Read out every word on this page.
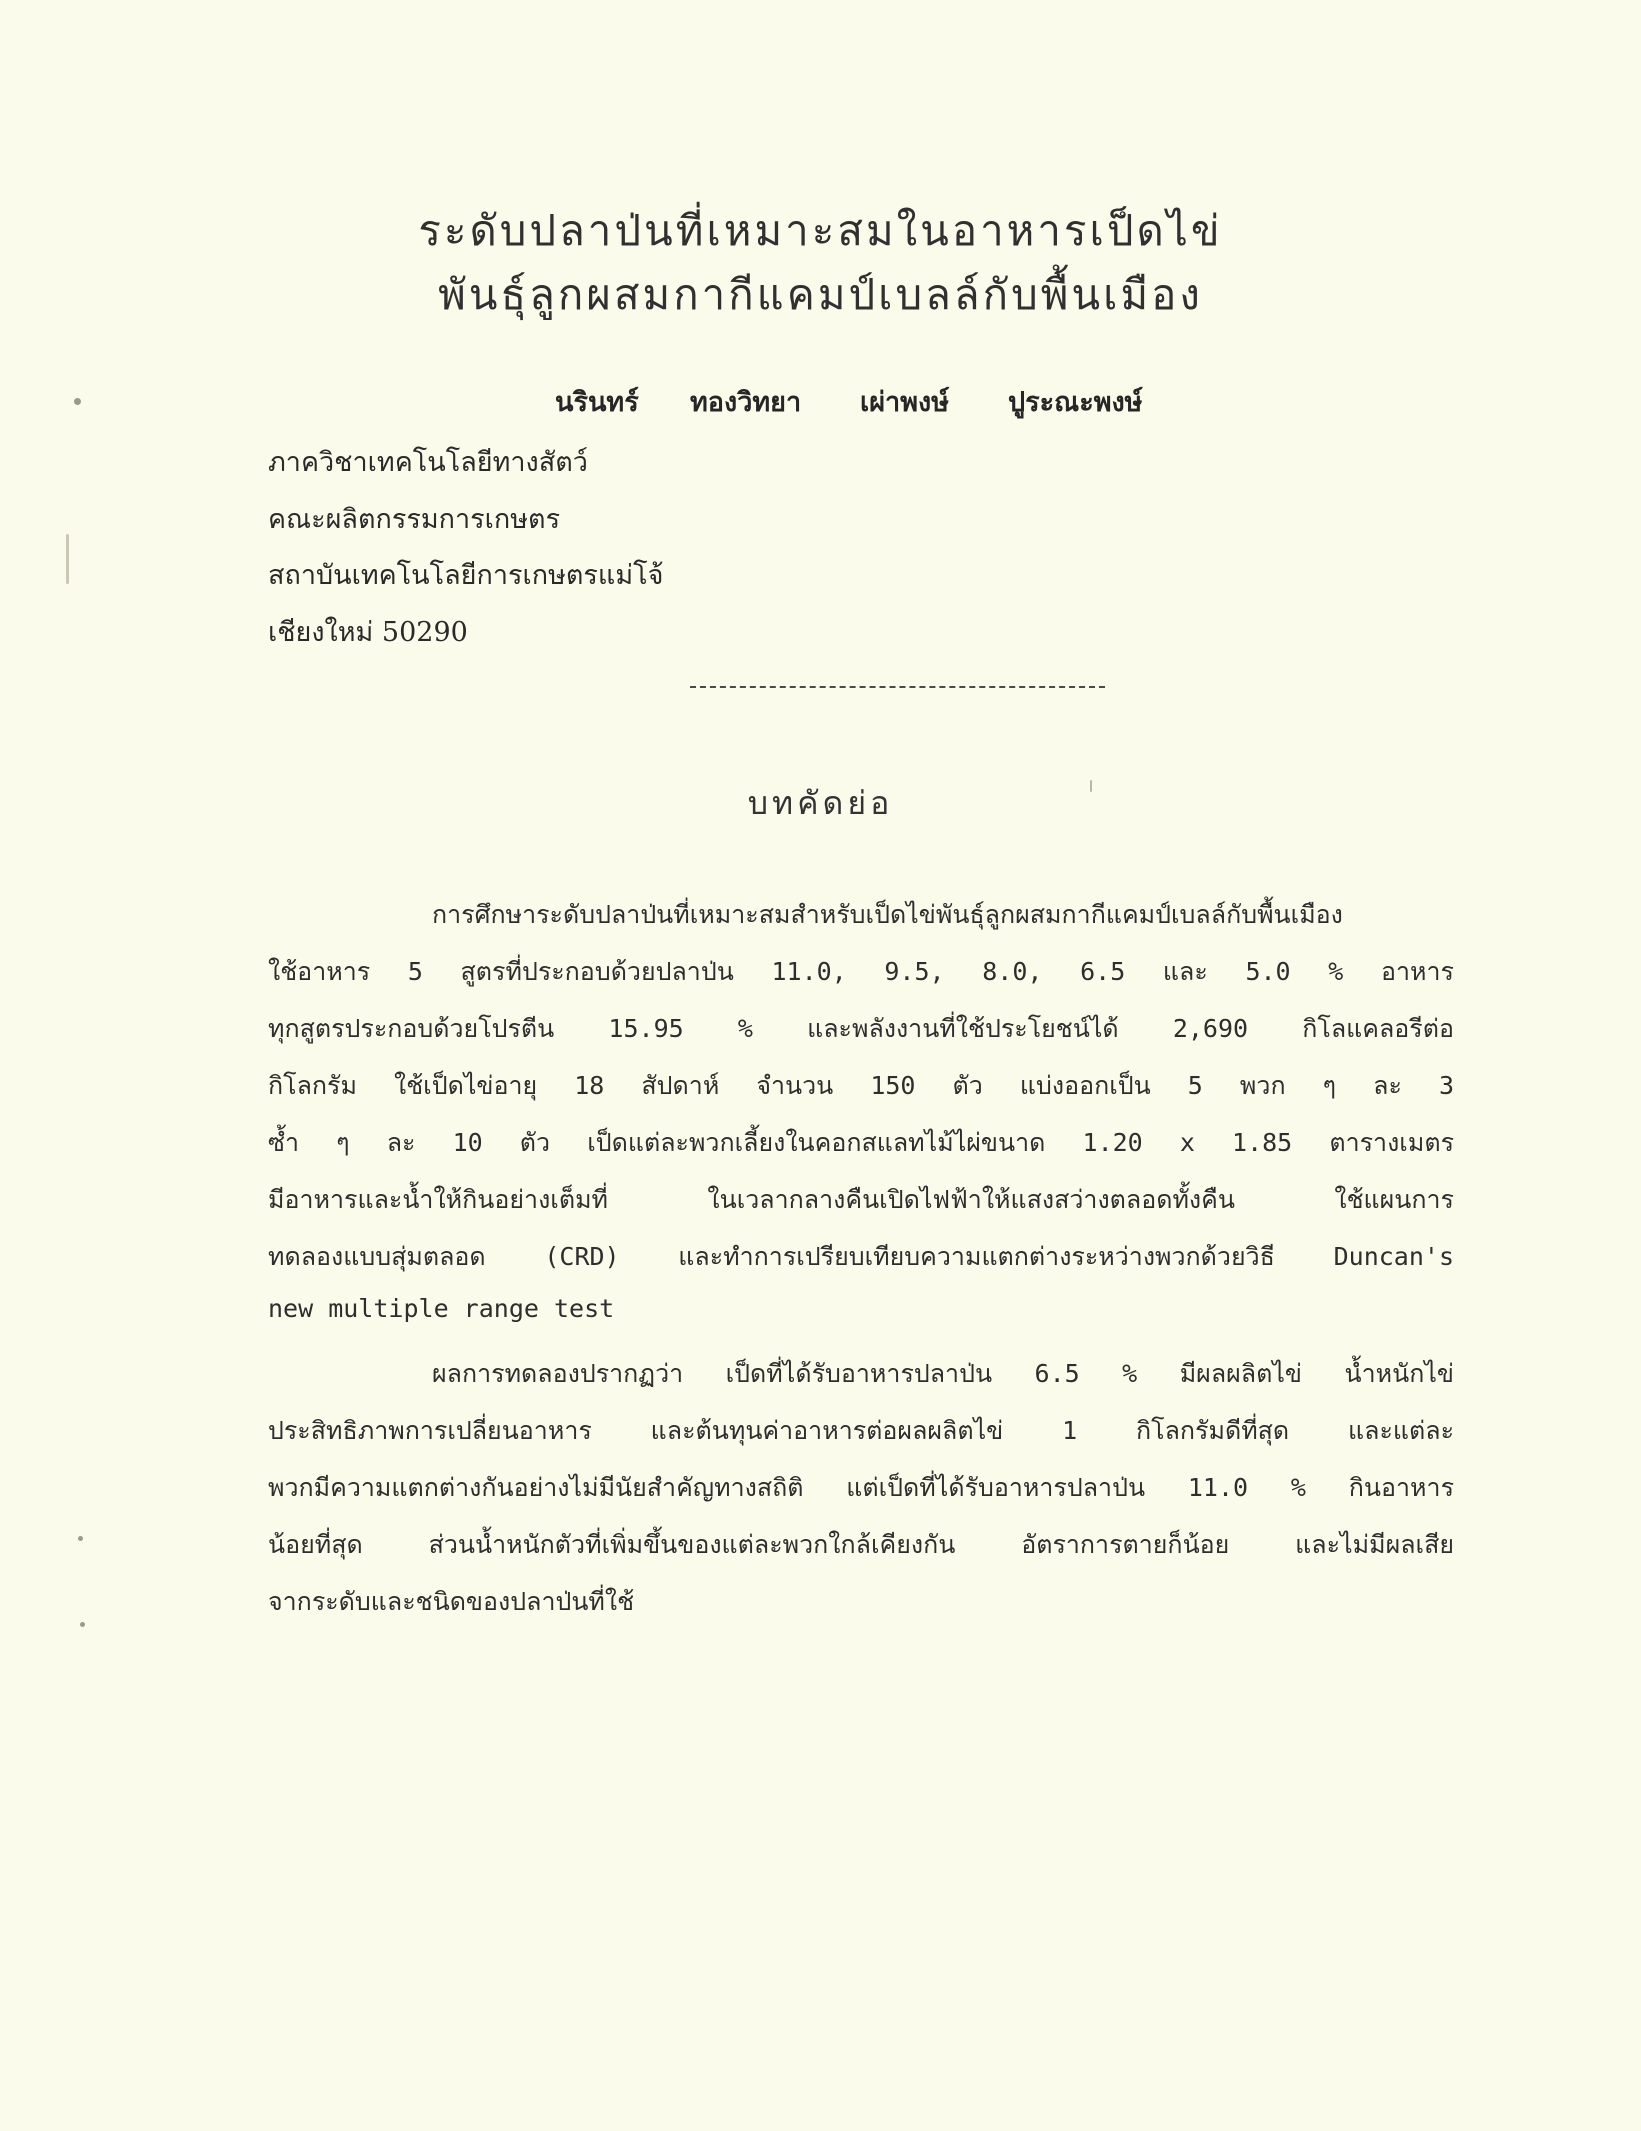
ระดับปลาป่นที่เหมาะสมในอาหารเป็ดไข่
พันธุ์ลูกผสมกากีแคมป์เบลล์กับพื้นเมือง
นรินทร์ ทองวิทยา เผ่าพงษ์ ปูระณะพงษ์
ภาควิชาเทคโนโลยีทางสัตว์
คณะผลิตกรรมการเกษตร
สถาบันเทคโนโลยีการเกษตรแม่โจ้
เชียงใหม่ 50290
บทคัดย่อ
การศึกษาระดับปลาป่นที่เหมาะสมสำหรับเป็ดไข่พันธุ์ลูกผสมกากีแคมป์เบลล์กับพื้นเมือง
ใช้อาหาร 5 สูตรที่ประกอบด้วยปลาป่น 11.0, 9.5, 8.0, 6.5 และ 5.0 % อาหาร
ทุกสูตรประกอบด้วยโปรตีน 15.95 % และพลังงานที่ใช้ประโยชน์ได้ 2,690 กิโลแคลอรีต่อ
กิโลกรัม ใช้เป็ดไข่อายุ 18 สัปดาห์ จำนวน 150 ตัว แบ่งออกเป็น 5 พวก ๆ ละ 3
ซ้ำ ๆ ละ 10 ตัว เป็ดแต่ละพวกเลี้ยงในคอกสแลทไม้ไผ่ขนาด 1.20 x 1.85 ตารางเมตร
มีอาหารและน้ำให้กินอย่างเต็มที่ ในเวลากลางคืนเปิดไฟฟ้าให้แสงสว่างตลอดทั้งคืน ใช้แผนการ
ทดลองแบบสุ่มตลอด (CRD) และทำการเปรียบเทียบความแตกต่างระหว่างพวกด้วยวิธี Duncan's
new multiple range test
ผลการทดลองปรากฏว่า เป็ดที่ได้รับอาหารปลาป่น 6.5 % มีผลผลิตไข่ น้ำหนักไข่
ประสิทธิภาพการเปลี่ยนอาหาร และต้นทุนค่าอาหารต่อผลผลิตไข่ 1 กิโลกรัมดีที่สุด และแต่ละ
พวกมีความแตกต่างกันอย่างไม่มีนัยสำคัญทางสถิติ แต่เป็ดที่ได้รับอาหารปลาป่น 11.0 % กินอาหาร
น้อยที่สุด ส่วนน้ำหนักตัวที่เพิ่มขึ้นของแต่ละพวกใกล้เคียงกัน อัตราการตายก็น้อย และไม่มีผลเสีย
จากระดับและชนิดของปลาป่นที่ใช้
